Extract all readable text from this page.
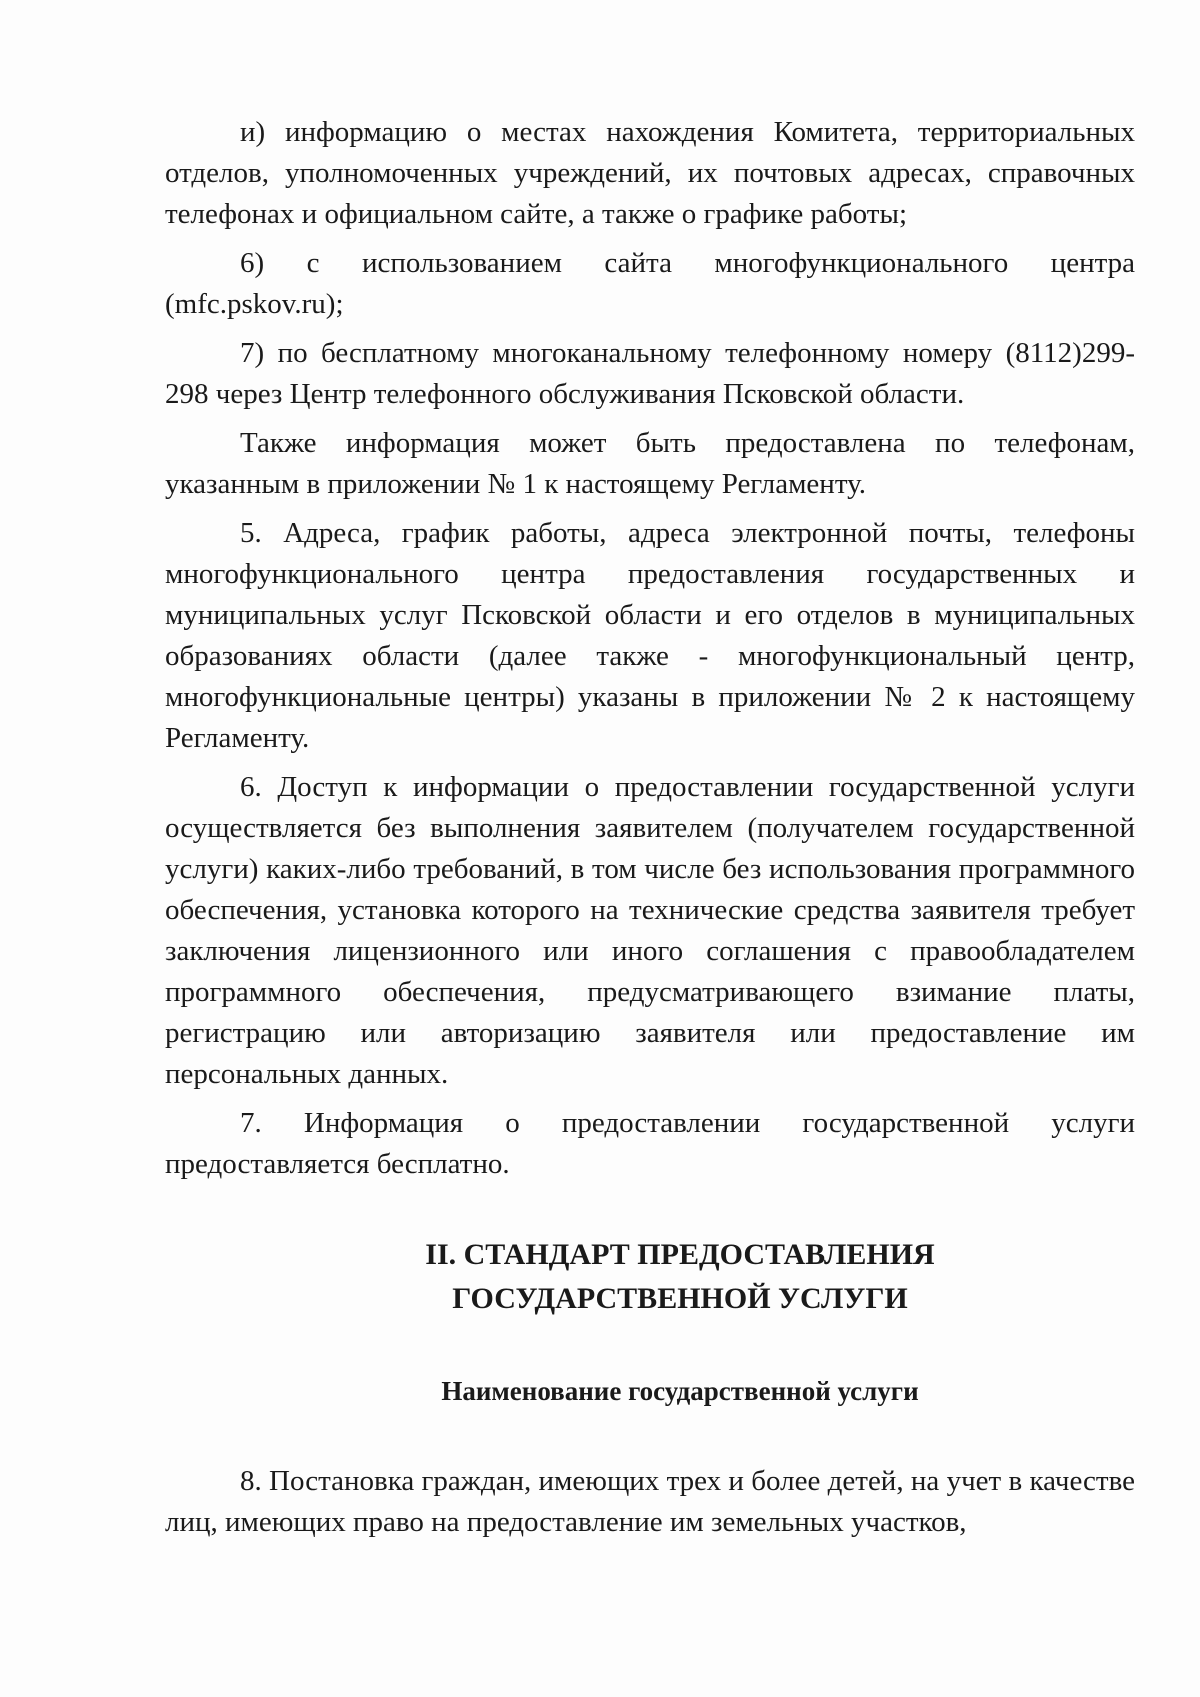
и) информацию о местах нахождения Комитета, территориальных отделов, уполномоченных учреждений, их почтовых адресах, справочных телефонах и официальном сайте, а также о графике работы;

6) с использованием сайта многофункционального центра (mfc.pskov.ru);

7) по бесплатному многоканальному телефонному номеру (8112)299-298 через Центр телефонного обслуживания Псковской области.

Также информация может быть предоставлена по телефонам, указанным в приложении № 1 к настоящему Регламенту.

5. Адреса, график работы, адреса электронной почты, телефоны многофункционального центра предоставления государственных и муниципальных услуг Псковской области и его отделов в муниципальных образованиях области (далее также - многофункциональный центр, многофункциональные центры) указаны в приложении № 2 к настоящему Регламенту.

6. Доступ к информации о предоставлении государственной услуги осуществляется без выполнения заявителем (получателем государственной услуги) каких-либо требований, в том числе без использования программного обеспечения, установка которого на технические средства заявителя требует заключения лицензионного или иного соглашения с правообладателем программного обеспечения, предусматривающего взимание платы, регистрацию или авторизацию заявителя или предоставление им персональных данных.

7. Информация о предоставлении государственной услуги предоставляется бесплатно.

II. СТАНДАРТ ПРЕДОСТАВЛЕНИЯ

ГОСУДАРСТВЕННОЙ УСЛУГИ

Наименование государственной услуги

8. Постановка граждан, имеющих трех и более детей, на учет в качестве лиц, имеющих право на предоставление им земельных участков,
